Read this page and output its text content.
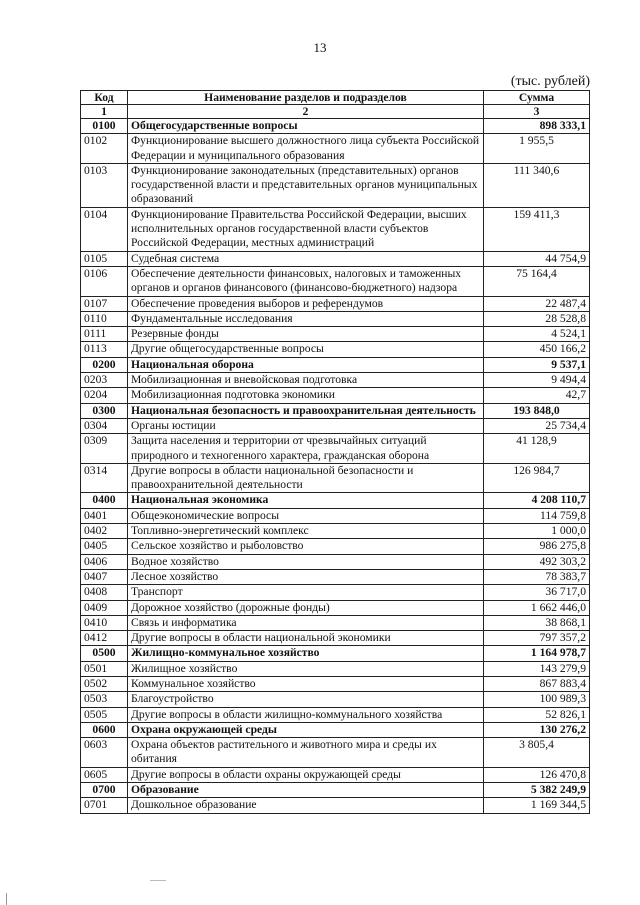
13
(тыс. рублей)
Код	Наименование разделов и подразделов	Сумма
1	2	3
0100	Общегосударственные вопросы	898 333,1
0102	Функционирование высшего должностного лица субъекта Российской Федерации и муниципального образования	1 955,5
0103	Функционирование законодательных (представительных) органов государственной власти и представительных органов муниципальных образований	111 340,6
0104	Функционирование Правительства Российской Федерации, высших исполнительных органов государственной власти субъектов Российской Федерации, местных администраций	159 411,3
0105	Судебная система	44 754,9
0106	Обеспечение деятельности финансовых, налоговых и таможенных органов и органов финансового (финансово-бюджетного) надзора	75 164,4
0107	Обеспечение проведения выборов и референдумов	22 487,4
0110	Фундаментальные исследования	28 528,8
0111	Резервные фонды	4 524,1
0113	Другие общегосударственные вопросы	450 166,2
0200	Национальная оборона	9 537,1
0203	Мобилизационная и вневойсковая подготовка	9 494,4
0204	Мобилизационная подготовка экономики	42,7
0300	Национальная безопасность и правоохранительная деятельность	193 848,0
0304	Органы юстиции	25 734,4
0309	Защита населения и территории от чрезвычайных ситуаций природного и техногенного характера, гражданская оборона	41 128,9
0314	Другие вопросы в области национальной безопасности и правоохранительной деятельности	126 984,7
0400	Национальная экономика	4 208 110,7
0401	Общеэкономические вопросы	114 759,8
0402	Топливно-энергетический комплекс	1 000,0
0405	Сельское хозяйство и рыболовство	986 275,8
0406	Водное хозяйство	492 303,2
0407	Лесное хозяйство	78 383,7
0408	Транспорт	36 717,0
0409	Дорожное хозяйство (дорожные фонды)	1 662 446,0
0410	Связь и информатика	38 868,1
0412	Другие вопросы в области национальной экономики	797 357,2
0500	Жилищно-коммунальное хозяйство	1 164 978,7
0501	Жилищное хозяйство	143 279,9
0502	Коммунальное хозяйство	867 883,4
0503	Благоустройство	100 989,3
0505	Другие вопросы в области жилищно-коммунального хозяйства	52 826,1
0600	Охрана окружающей среды	130 276,2
0603	Охрана объектов растительного и животного мира и среды их обитания	3 805,4
0605	Другие вопросы в области охраны окружающей среды	126 470,8
0700	Образование	5 382 249,9
0701	Дошкольное образование	1 169 344,5
